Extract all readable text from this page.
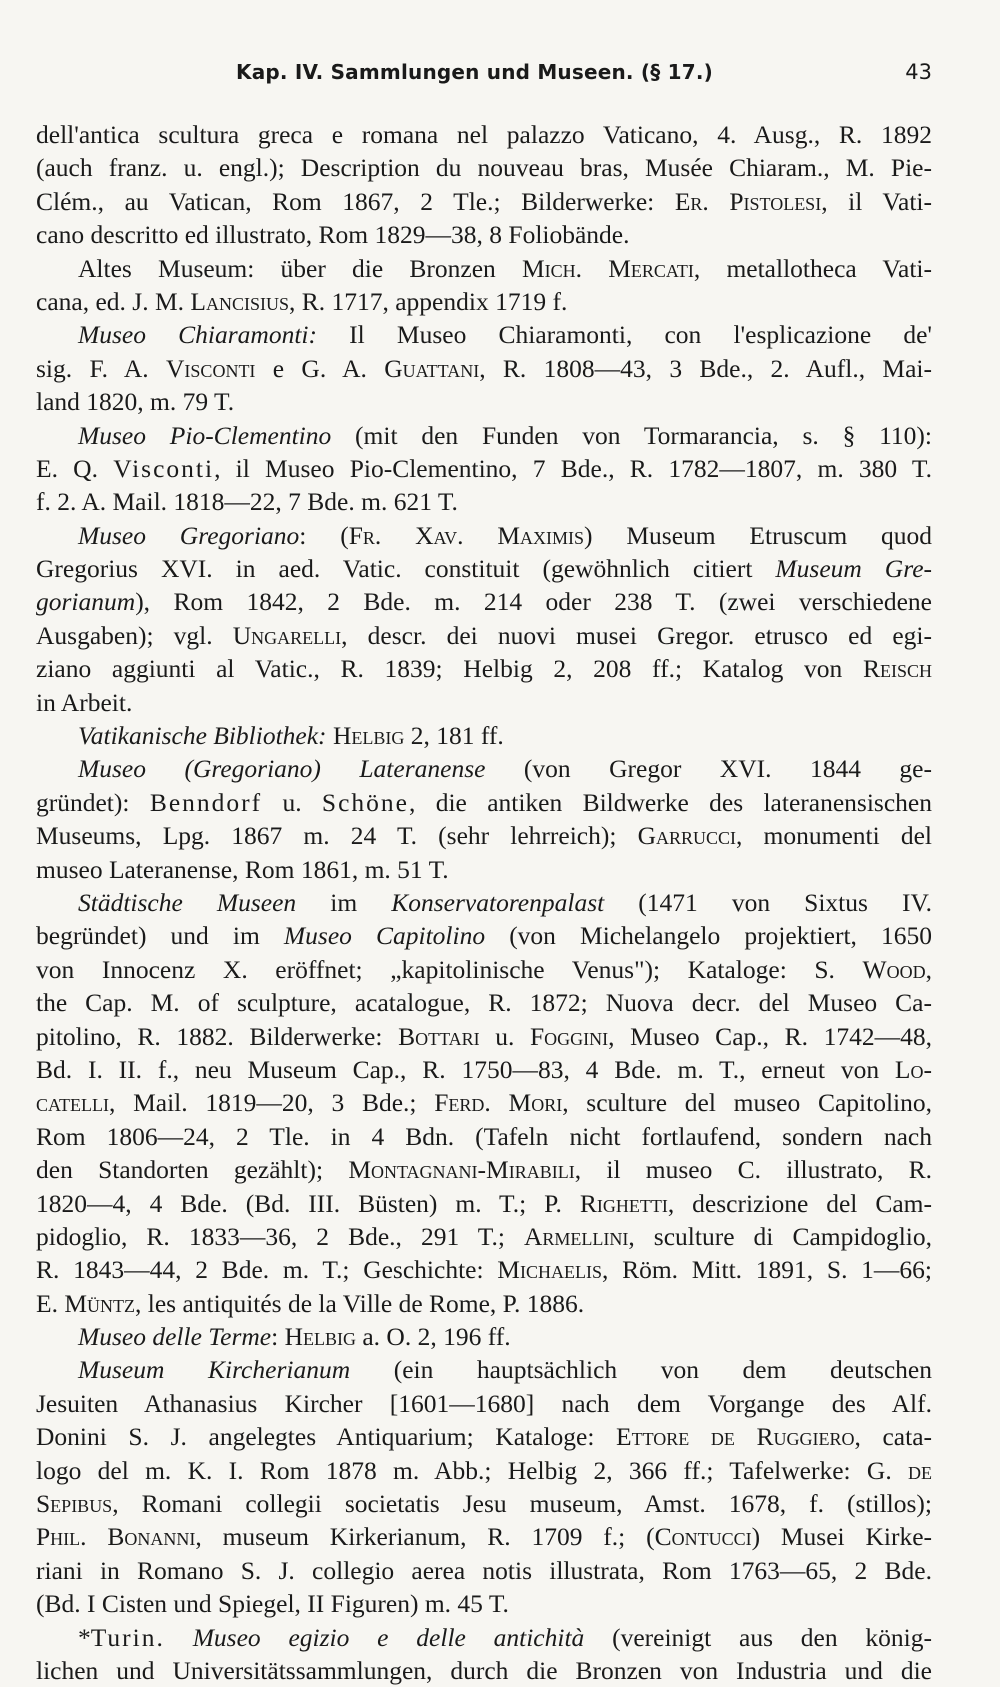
Kap. IV. Sammlungen und Museen. (§ 17.)	43
dell'antica scultura greca e romana nel palazzo Vaticano, 4. Ausg., R. 1892
(auch franz. u. engl.); Description du nouveau bras, Musée Chiaram., M. Pie-
Clém., au Vatican, Rom 1867, 2 Tle.; Bilderwerke: Er. Pistolesi, il Vati-
cano descritto ed illustrato, Rom 1829—38, 8 Foliobände.
Altes Museum: über die Bronzen Mich. Mercati, metallotheca Vati-
cana, ed. J. M. Lancisius, R. 1717, appendix 1719 f.
Museo Chiaramonti: Il Museo Chiaramonti, con l'esplicazione de'
sig. F. A. Visconti e G. A. Guattani, R. 1808—43, 3 Bde., 2. Aufl., Mai-
land 1820, m. 79 T.
Museo Pio-Clementino (mit den Funden von Tormarancia, s. § 110):
E. Q. Visconti, il Museo Pio-Clementino, 7 Bde., R. 1782—1807, m. 380 T.
f. 2. A. Mail. 1818—22, 7 Bde. m. 621 T.
Museo Gregoriano: (Fr. Xav. Maximis) Museum Etruscum quod
Gregorius XVI. in aed. Vatic. constituit (gewöhnlich citiert Museum Gre-
gorianum), Rom 1842, 2 Bde. m. 214 oder 238 T. (zwei verschiedene
Ausgaben); vgl. Ungarelli, descr. dei nuovi musei Gregor. etrusco ed egi-
ziano aggiunti al Vatic., R. 1839; Helbig 2, 208 ff.; Katalog von Reisch
in Arbeit.
Vatikanische Bibliothek: Helbig 2, 181 ff.
Museo (Gregoriano) Lateranense (von Gregor XVI. 1844 ge-
gründet): Benndorf u. Schöne, die antiken Bildwerke des lateranensischen
Museums, Lpg. 1867 m. 24 T. (sehr lehrreich); Garrucci, monumenti del
museo Lateranense, Rom 1861, m. 51 T.
Städtische Museen im Konservatorenpalast (1471 von Sixtus IV.
begründet) und im Museo Capitolino (von Michelangelo projektiert, 1650
von Innocenz X. eröffnet; „kapitolinische Venus"); Kataloge: S. Wood,
the Cap. M. of sculpture, acatalogue, R. 1872; Nuova decr. del Museo Ca-
pitolino, R. 1882. Bilderwerke: Bottari u. Foggini, Museo Cap., R. 1742—48,
Bd. I. II. f., neu Museum Cap., R. 1750—83, 4 Bde. m. T., erneut von Lo-
catelli, Mail. 1819—20, 3 Bde.; Ferd. Mori, sculture del museo Capitolino,
Rom 1806—24, 2 Tle. in 4 Bdn. (Tafeln nicht fortlaufend, sondern nach
den Standorten gezählt); Montagnani-Mirabili, il museo C. illustrato, R.
1820—4, 4 Bde. (Bd. III. Büsten) m. T.; P. Righetti, descrizione del Cam-
pidoglio, R. 1833—36, 2 Bde., 291 T.; Armellini, sculture di Campidoglio,
R. 1843—44, 2 Bde. m. T.; Geschichte: Michaelis, Röm. Mitt. 1891, S. 1—66;
E. Müntz, les antiquités de la Ville de Rome, P. 1886.
Museo delle Terme: Helbig a. O. 2, 196 ff.
Museum Kircherianum (ein hauptsächlich von dem deutschen
Jesuiten Athanasius Kircher [1601—1680] nach dem Vorgange des Alf.
Donini S. J. angelegtes Antiquarium; Kataloge: Ettore de Ruggiero, cata-
logo del m. K. I. Rom 1878 m. Abb.; Helbig 2, 366 ff.; Tafelwerke: G. de
Sepibus, Romani collegii societatis Jesu museum, Amst. 1678, f. (stillos);
Phil. Bonanni, museum Kirkerianum, R. 1709 f.; (Contucci) Musei Kirke-
riani in Romano S. J. collegio aerea notis illustrata, Rom 1763—65, 2 Bde.
(Bd. I Cisten und Spiegel, II Figuren) m. 45 T.
*Turin. Museo egizio e delle antichità (vereinigt aus den könig-
lichen und Universitätssammlungen, durch die Bronzen von Industria und die
